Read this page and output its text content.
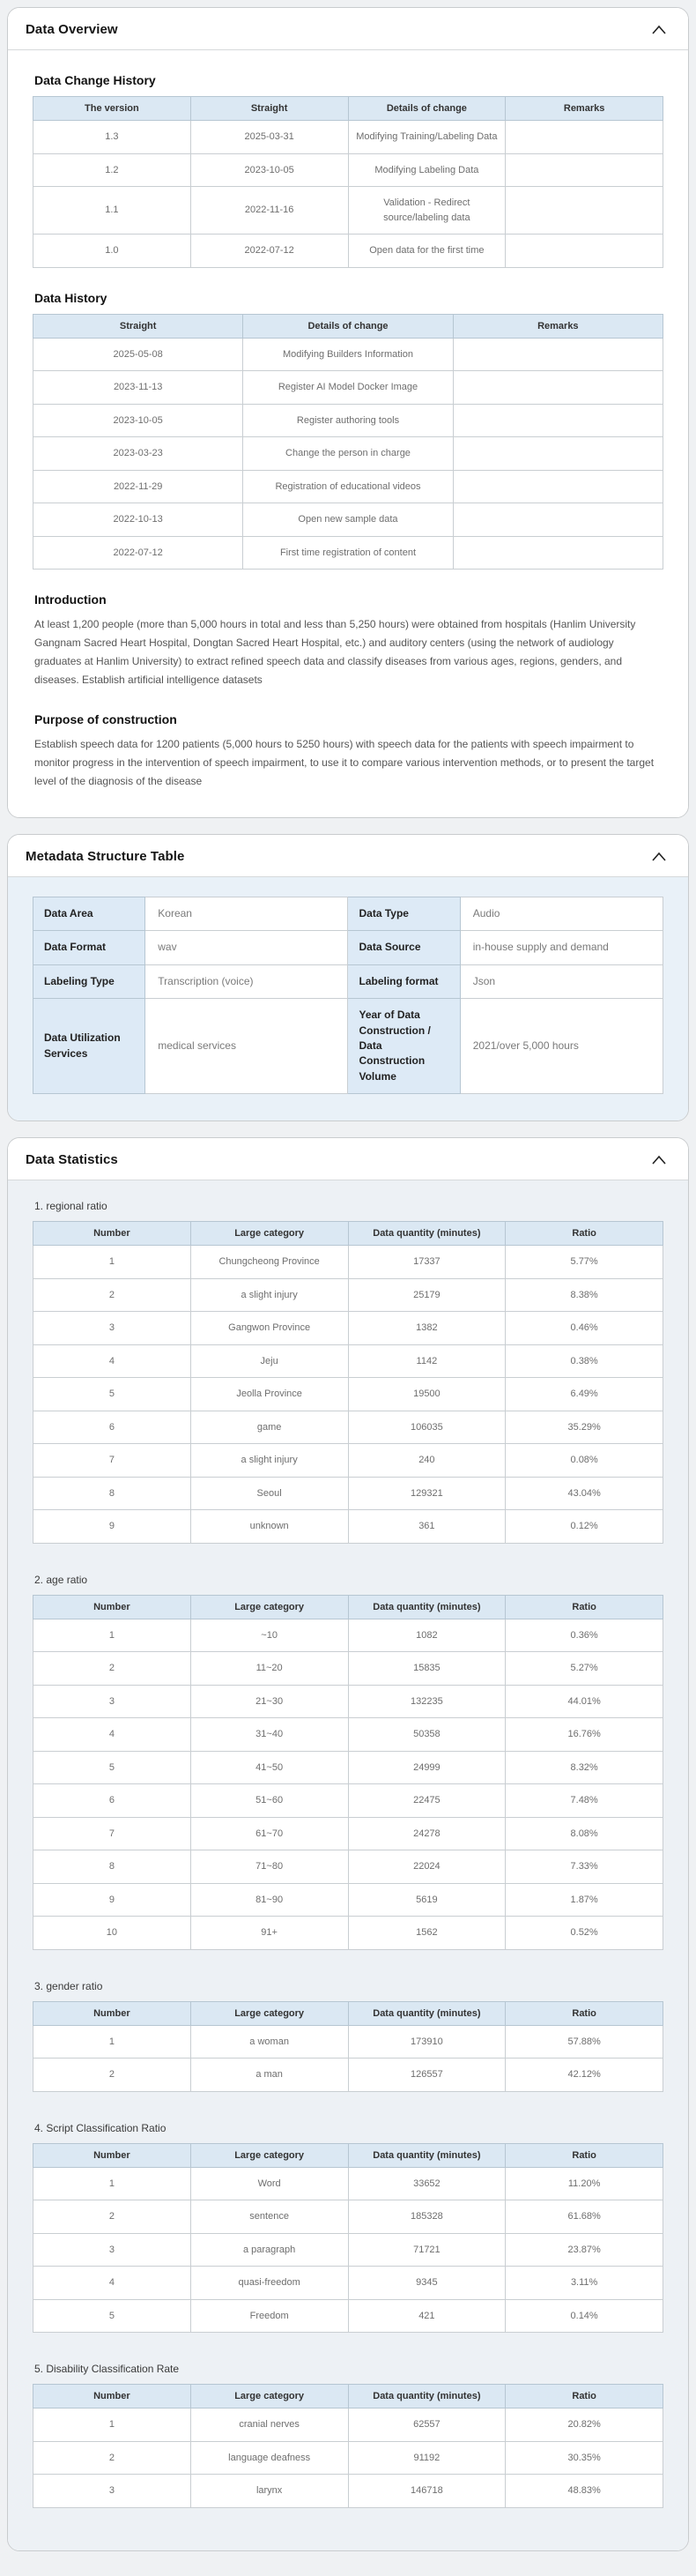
Data Overview
Data Change History
The version	Straight	Details of change	Remarks
1.3	2025-03-31	Modifying Training/Labeling Data	
1.2	2023-10-05	Modifying Labeling Data	
1.1	2022-11-16	Validation - Redirect source/labeling data	
1.0	2022-07-12	Open data for the first time	
Data History
Straight	Details of change	Remarks
2025-05-08	Modifying Builders Information	
2023-11-13	Register AI Model Docker Image	
2023-10-05	Register authoring tools	
2023-03-23	Change the person in charge	
2022-11-29	Registration of educational videos	
2022-10-13	Open new sample data	
2022-07-12	First time registration of content	
Introduction

At least 1,200 people (more than 5,000 hours in total and less than 5,250 hours) were obtained from hospitals (Hanlim University Gangnam Sacred Heart Hospital, Dongtan Sacred Heart Hospital, etc.) and auditory centers (using the network of audiology graduates at Hanlim University) to extract refined speech data and classify diseases from various ages, regions, genders, and diseases. Establish artificial intelligence datasets

Purpose of construction

Establish speech data for 1200 patients (5,000 hours to 5250 hours) with speech data for the patients with speech impairment to monitor progress in the intervention of speech impairment, to use it to compare various intervention methods, or to present the target level of the diagnosis of the disease

Metadata Structure Table
Data Area	Korean	Data Type	Audio
Data Format	wav	Data Source	in-house supply and demand
Labeling Type	Transcription (voice)	Labeling format	Json
Data Utilization Services	medical services	Year of Data Construction / Data Construction Volume	2021/over 5,000 hours
Data Statistics

1. regional ratio

Number	Large category	Data quantity (minutes)	Ratio
1	Chungcheong Province	17337	5.77%
2	a slight injury	25179	8.38%
3	Gangwon Province	1382	0.46%
4	Jeju	1142	0.38%
5	Jeolla Province	19500	6.49%
6	game	106035	35.29%
7	a slight injury	240	0.08%
8	Seoul	129321	43.04%
9	unknown	361	0.12%

2. age ratio

Number	Large category	Data quantity (minutes)	Ratio
1	~10	1082	0.36%
2	11~20	15835	5.27%
3	21~30	132235	44.01%
4	31~40	50358	16.76%
5	41~50	24999	8.32%
6	51~60	22475	7.48%
7	61~70	24278	8.08%
8	71~80	22024	7.33%
9	81~90	5619	1.87%
10	91+	1562	0.52%

3. gender ratio

Number	Large category	Data quantity (minutes)	Ratio
1	a woman	173910	57.88%
2	a man	126557	42.12%

4. Script Classification Ratio

Number	Large category	Data quantity (minutes)	Ratio
1	Word	33652	11.20%
2	sentence	185328	61.68%
3	a paragraph	71721	23.87%
4	quasi-freedom	9345	3.11%
5	Freedom	421	0.14%

5. Disability Classification Rate

Number	Large category	Data quantity (minutes)	Ratio
1	cranial nerves	62557	20.82%
2	language deafness	91192	30.35%
3	larynx	146718	48.83%
